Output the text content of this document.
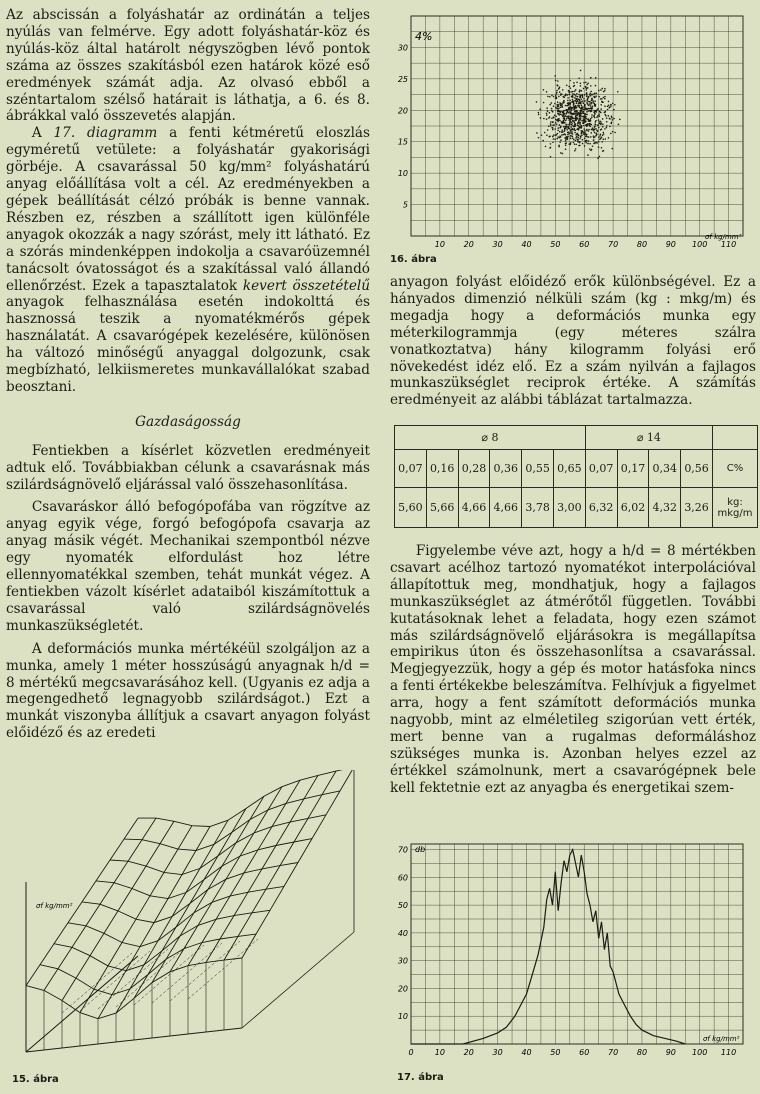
Az abscissán a folyáshatár az ordinátán a teljes nyúlás van felmérve. Egy adott folyáshatár-köz és nyúlás-köz által határolt négyszögben lévő pontok száma az összes szakításból ezen határok közé eső eredmények számát adja. Az olvasó ebből a széntartalom szélső határait is láthatja, a 6. és 8. ábrákkal való összevetés alapján.

A 17. diagramm a fenti kétméretű eloszlás egyméretű vetülete: a folyáshatár gyakorisági görbéje. A csavarással 50 kg/mm² folyáshatárú anyag előállítása volt a cél. Az eredményekben a gépek beállítását célzó próbák is benne vannak. Részben ez, részben a szállított igen különféle anyagok okozzák a nagy szórást, mely itt látható. Ez a szórás mindenképpen indokolja a csavaróüzemnél tanácsolt óvatosságot és a szakítással való állandó ellenőrzést. Ezek a tapasztalatok kevert összetételű anyagok felhasználása esetén indokolttá és hasznossá teszik a nyomatékmérős gépek használatát. A csavarógépek kezelésére, különösen ha változó minőségű anyaggal dolgozunk, csak megbízható, lelkiismeretes munkavállalókat szabad beosztani.

Gazdaságosság

Fentiekben a kísérlet közvetlen eredményeit adtuk elő. Továbbiakban célunk a csavarásnak más szilárdságnövelő eljárással való összehasonlítása.

Csavaráskor álló befogópofába van rögzítve az anyag egyik vége, forgó befogópofa csavarja az anyag másik végét. Mechanikai szempontból nézve egy nyomaték elfordulást hoz létre ellennyomatékkal szemben, tehát munkát végez. A fentiekben vázolt kísérlet adataiból kiszámítottuk a csavarással való szilárdságnövelés munkaszükségletét.

A deformációs munka mértékéül szolgáljon az a munka, amely 1 méter hosszúságú anyagnak h/d = 8 mértékű megcsavarásához kell. (Ugyanis ez adja a megengedhető legnagyobb szilárdságot.) Ezt a munkát viszonyba állítjuk a csavart anyagon folyást előidéző és az eredeti

anyagon folyást előidéző erők különbségével. Ez a hányados dimenzió nélküli szám (kg : mkg/m) és megadja hogy a deformációs munka egy méterkilogrammja (egy méteres szálra vonatkoztatva) hány kilogramm folyási erő növekedést idéz elő. Ez a szám nyilván a fajlagos munkaszükséglet reciprok értéke. A számítás eredményeit az alábbi táblázat tartalmazza.

Figyelembe véve azt, hogy a h/d = 8 mértékben csavart acélhoz tartozó nyomatékot interpolációval állapítottuk meg, mondhatjuk, hogy a fajlagos munkaszükséglet az átmérőtől független. További kutatásoknak lehet a feladata, hogy ezen számot más szilárdságnövelő eljárásokra is megállapítsa empirikus úton és összehasonlítsa a csavarással. Megjegyezzük, hogy a gép és motor hatásfoka nincs a fenti értékekbe beleszámítva. Felhívjuk a figyelmet arra, hogy a fent számított deformációs munka nagyobb, mint az elméletileg szigorúan vett érték, mert benne van a rugalmas deformáláshoz szükséges munka is. Azonban helyes ezzel az értékkel számolnunk, mert a csavarógépnek bele kell fektetnie ezt az anyagba és energetikai szem-

⌀ 8						⌀ 14				
0,07	0,16	0,28	0,36	0,55	0,65	0,07	0,17	0,34	0,56	C%
5,60	5,66	4,66	4,66	3,78	3,00	6,32	6,02	4,32	3,26	kg:
mkg/m
10 20 30 40 50 60 70 80 90 100 110
5
10
15
20
25
30
4%
σf kg/mm²
16. ábra
0	10 20 30 40 50 60 70 80 90 100 110
10
20
30
40
50
60
70 db
σf kg/mm²
17. ábra
σf kg/mm²
15. ábra
